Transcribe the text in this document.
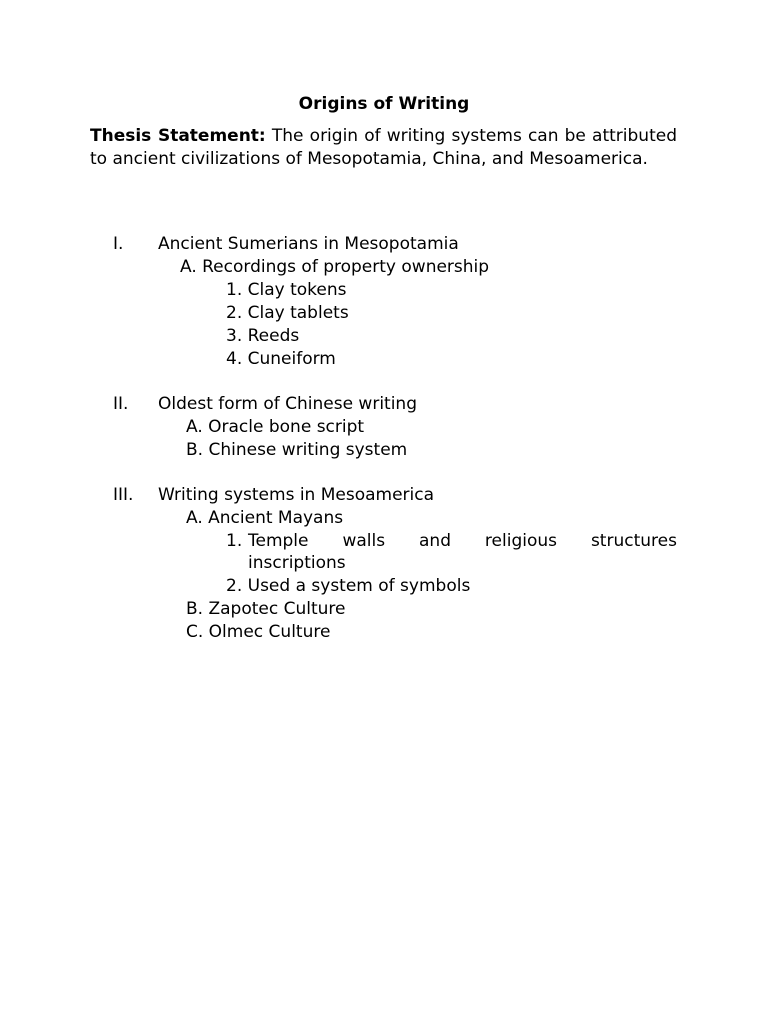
Origins of Writing
Thesis Statement: The origin of writing systems can be attributed to ancient civilizations of Mesopotamia, China, and Mesoamerica.
I. Ancient Sumerians in Mesopotamia
A. Recordings of property ownership
1. Clay tokens
2. Clay tablets
3. Reeds
4. Cuneiform
II. Oldest form of Chinese writing
A. Oracle bone script
B. Chinese writing system
III. Writing systems in Mesoamerica
A. Ancient Mayans
1. Temple walls and religious structures
inscriptions
2. Used a system of symbols
B. Zapotec Culture
C. Olmec Culture
